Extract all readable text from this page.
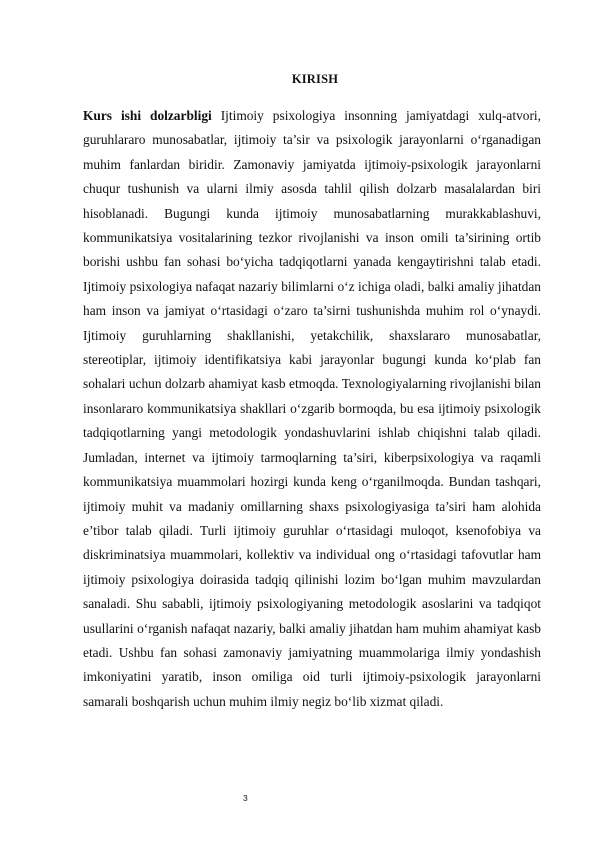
KIRISH

Kurs ishi dolzarbligi Ijtimoiy psixologiya insonning jamiyatdagi xulq-atvori, guruhlararo munosabatlar, ijtimoiy ta’sir va psixologik jarayonlarni o‘rganadigan muhim fanlardan biridir. Zamonaviy jamiyatda ijtimoiy-psixologik jarayonlarni chuqur tushunish va ularni ilmiy asosda tahlil qilish dolzarb masalalardan biri hisoblanadi. Bugungi kunda ijtimoiy munosabatlarning murakkablashuvi, kommunikatsiya vositalarining tezkor rivojlanishi va inson omili ta’sirining ortib borishi ushbu fan sohasi bo‘yicha tadqiqotlarni yanada kengaytirishni talab etadi. Ijtimoiy psixologiya nafaqat nazariy bilimlarni o‘z ichiga oladi, balki amaliy jihatdan ham inson va jamiyat o‘rtasidagi o‘zaro ta’sirni tushunishda muhim rol o‘ynaydi. Ijtimoiy guruhlarning shakllanishi, yetakchilik, shaxslararo munosabatlar, stereotiplar, ijtimoiy identifikatsiya kabi jarayonlar bugungi kunda ko‘plab fan sohalari uchun dolzarb ahamiyat kasb etmoqda. Texnologiyalarning rivojlanishi bilan insonlararo kommunikatsiya shakllari o‘zgarib bormoqda, bu esa ijtimoiy psixologik tadqiqotlarning yangi metodologik yondashuvlarini ishlab chiqishni talab qiladi. Jumladan, internet va ijtimoiy tarmoqlarning ta’siri, kiberpsixologiya va raqamli kommunikatsiya muammolari hozirgi kunda keng o‘rganilmoqda. Bundan tashqari, ijtimoiy muhit va madaniy omillarning shaxs psixologiyasiga ta’siri ham alohida e’tibor talab qiladi. Turli ijtimoiy guruhlar o‘rtasidagi muloqot, ksenofobiya va diskriminatsiya muammolari, kollektiv va individual ong o‘rtasidagi tafovutlar ham ijtimoiy psixologiya doirasida tadqiq qilinishi lozim bo‘lgan muhim mavzulardan sanaladi. Shu sababli, ijtimoiy psixologiyaning metodologik asoslarini va tadqiqot usullarini o‘rganish nafaqat nazariy, balki amaliy jihatdan ham muhim ahamiyat kasb etadi. Ushbu fan sohasi zamonaviy jamiyatning muammolariga ilmiy yondashish imkoniyatini yaratib, inson omiliga oid turli ijtimoiy-psixologik jarayonlarni samarali boshqarish uchun muhim ilmiy negiz bo‘lib xizmat qiladi.

3
